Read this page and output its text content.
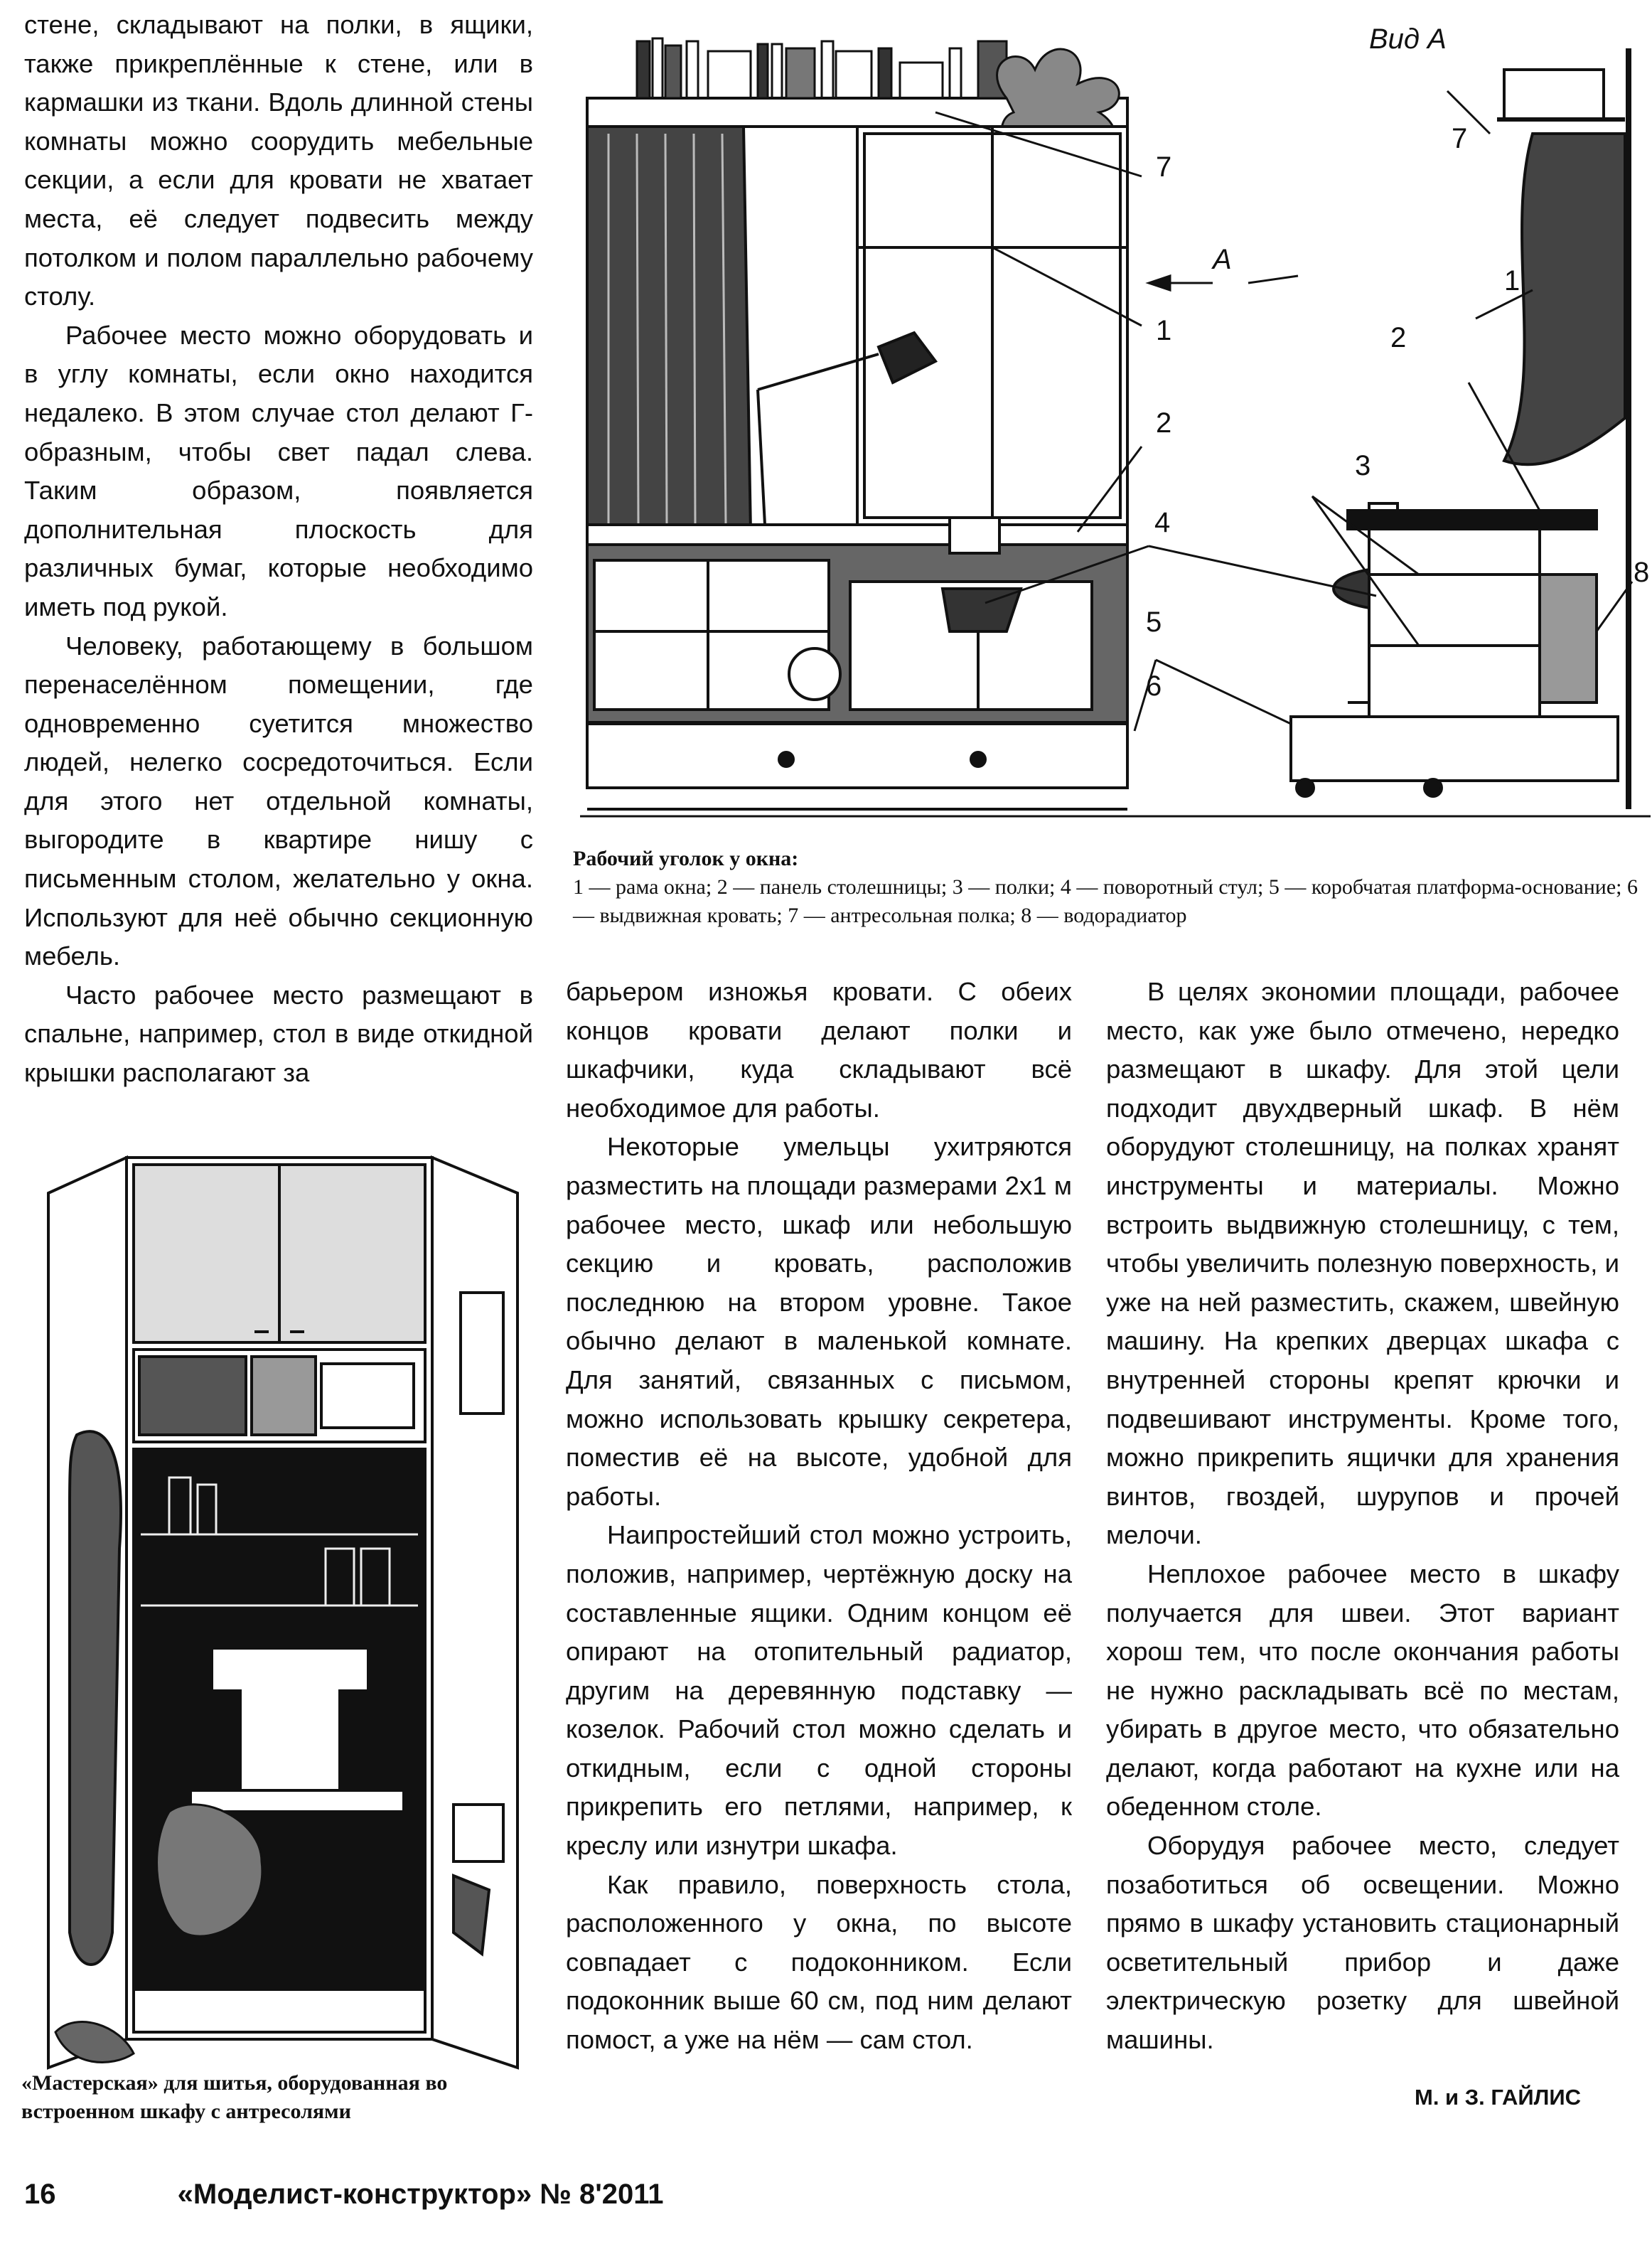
стене, складывают на полки, в ящики, также прикреплённые к стене, или в кармашки из ткани. Вдоль длинной стены комнаты можно соорудить мебельные секции, а если для кровати не хватает места, её следует подвесить между потолком и полом параллельно рабочему столу.

Рабочее место можно оборудовать и в углу комнаты, если окно находится недалеко. В этом случае стол делают Г-образным, чтобы свет падал слева. Таким образом, появляется дополнительная плоскость для различных бумаг, которые необходимо иметь под рукой.

Человеку, работающему в большом перенаселённом помещении, где одновременно суетится множество людей, нелегко сосредоточиться. Если для этого нет отдельной комнаты, выгородите в квартире нишу с письменным столом, желательно у окна. Используют для неё обычно секционную мебель.

Часто рабочее место размещают в спальне, например, стол в виде откидной крышки располагают за

Вид А
A
7
1
2
4
5
6
3
8
7
1
2
Рабочий уголок у окна:
1 — рама окна; 2 — панель столешницы; 3 — полки; 4 — поворотный стул; 5 — коробчатая платформа-основание; 6 — выдвижная кровать; 7 — антресольная полка; 8 — водорадиатор
«Мастерская» для шитья, оборудованная во встроенном шкафу с антресолями

барьером изножья кровати. С обеих концов кровати делают полки и шкафчики, куда складывают всё необходимое для работы.

Некоторые умельцы ухитряются разместить на площади размерами 2х1 м рабочее место, шкаф или небольшую секцию и кровать, расположив последнюю на втором уровне. Такое обычно делают в маленькой комнате. Для занятий, связанных с письмом, можно использовать крышку секретера, поместив её на высоте, удобной для работы.

Наипростейший стол можно устроить, положив, например, чертёжную доску на составленные ящики. Одним концом её опирают на отопительный радиатор, другим на деревянную подставку — козелок. Рабочий стол можно сделать и откидным, если с одной стороны прикрепить его петлями, например, к креслу или изнутри шкафа.

Как правило, поверхность стола, расположенного у окна, по высоте совпадает с подоконником. Если подоконник выше 60 см, под ним делают помост, а уже на нём — сам стол.

В целях экономии площади, рабочее место, как уже было отмечено, нередко размещают в шкафу. Для этой цели подходит двухдверный шкаф. В нём оборудуют столешницу, на полках хранят инструменты и материалы. Можно встроить выдвижную столешницу, с тем, чтобы увеличить полезную поверхность, и уже на ней разместить, скажем, швейную машину. На крепких дверцах шкафа с внутренней стороны крепят крючки и подвешивают инструменты. Кроме того, можно прикрепить ящички для хранения винтов, гвоздей, шурупов и прочей мелочи.

Неплохое рабочее место в шкафу получается для швеи. Этот вариант хорош тем, что после окончания работы не нужно раскладывать всё по местам, убирать в другое место, что обязательно делают, когда работают на кухне или на обеденном столе.

Оборудуя рабочее место, следует позаботиться об освещении. Можно прямо в шкафу установить стационарный осветительный прибор и даже электрическую розетку для швейной машины.

М. и З. ГАЙЛИС
16	«Моделист-конструктор» № 8'2011
